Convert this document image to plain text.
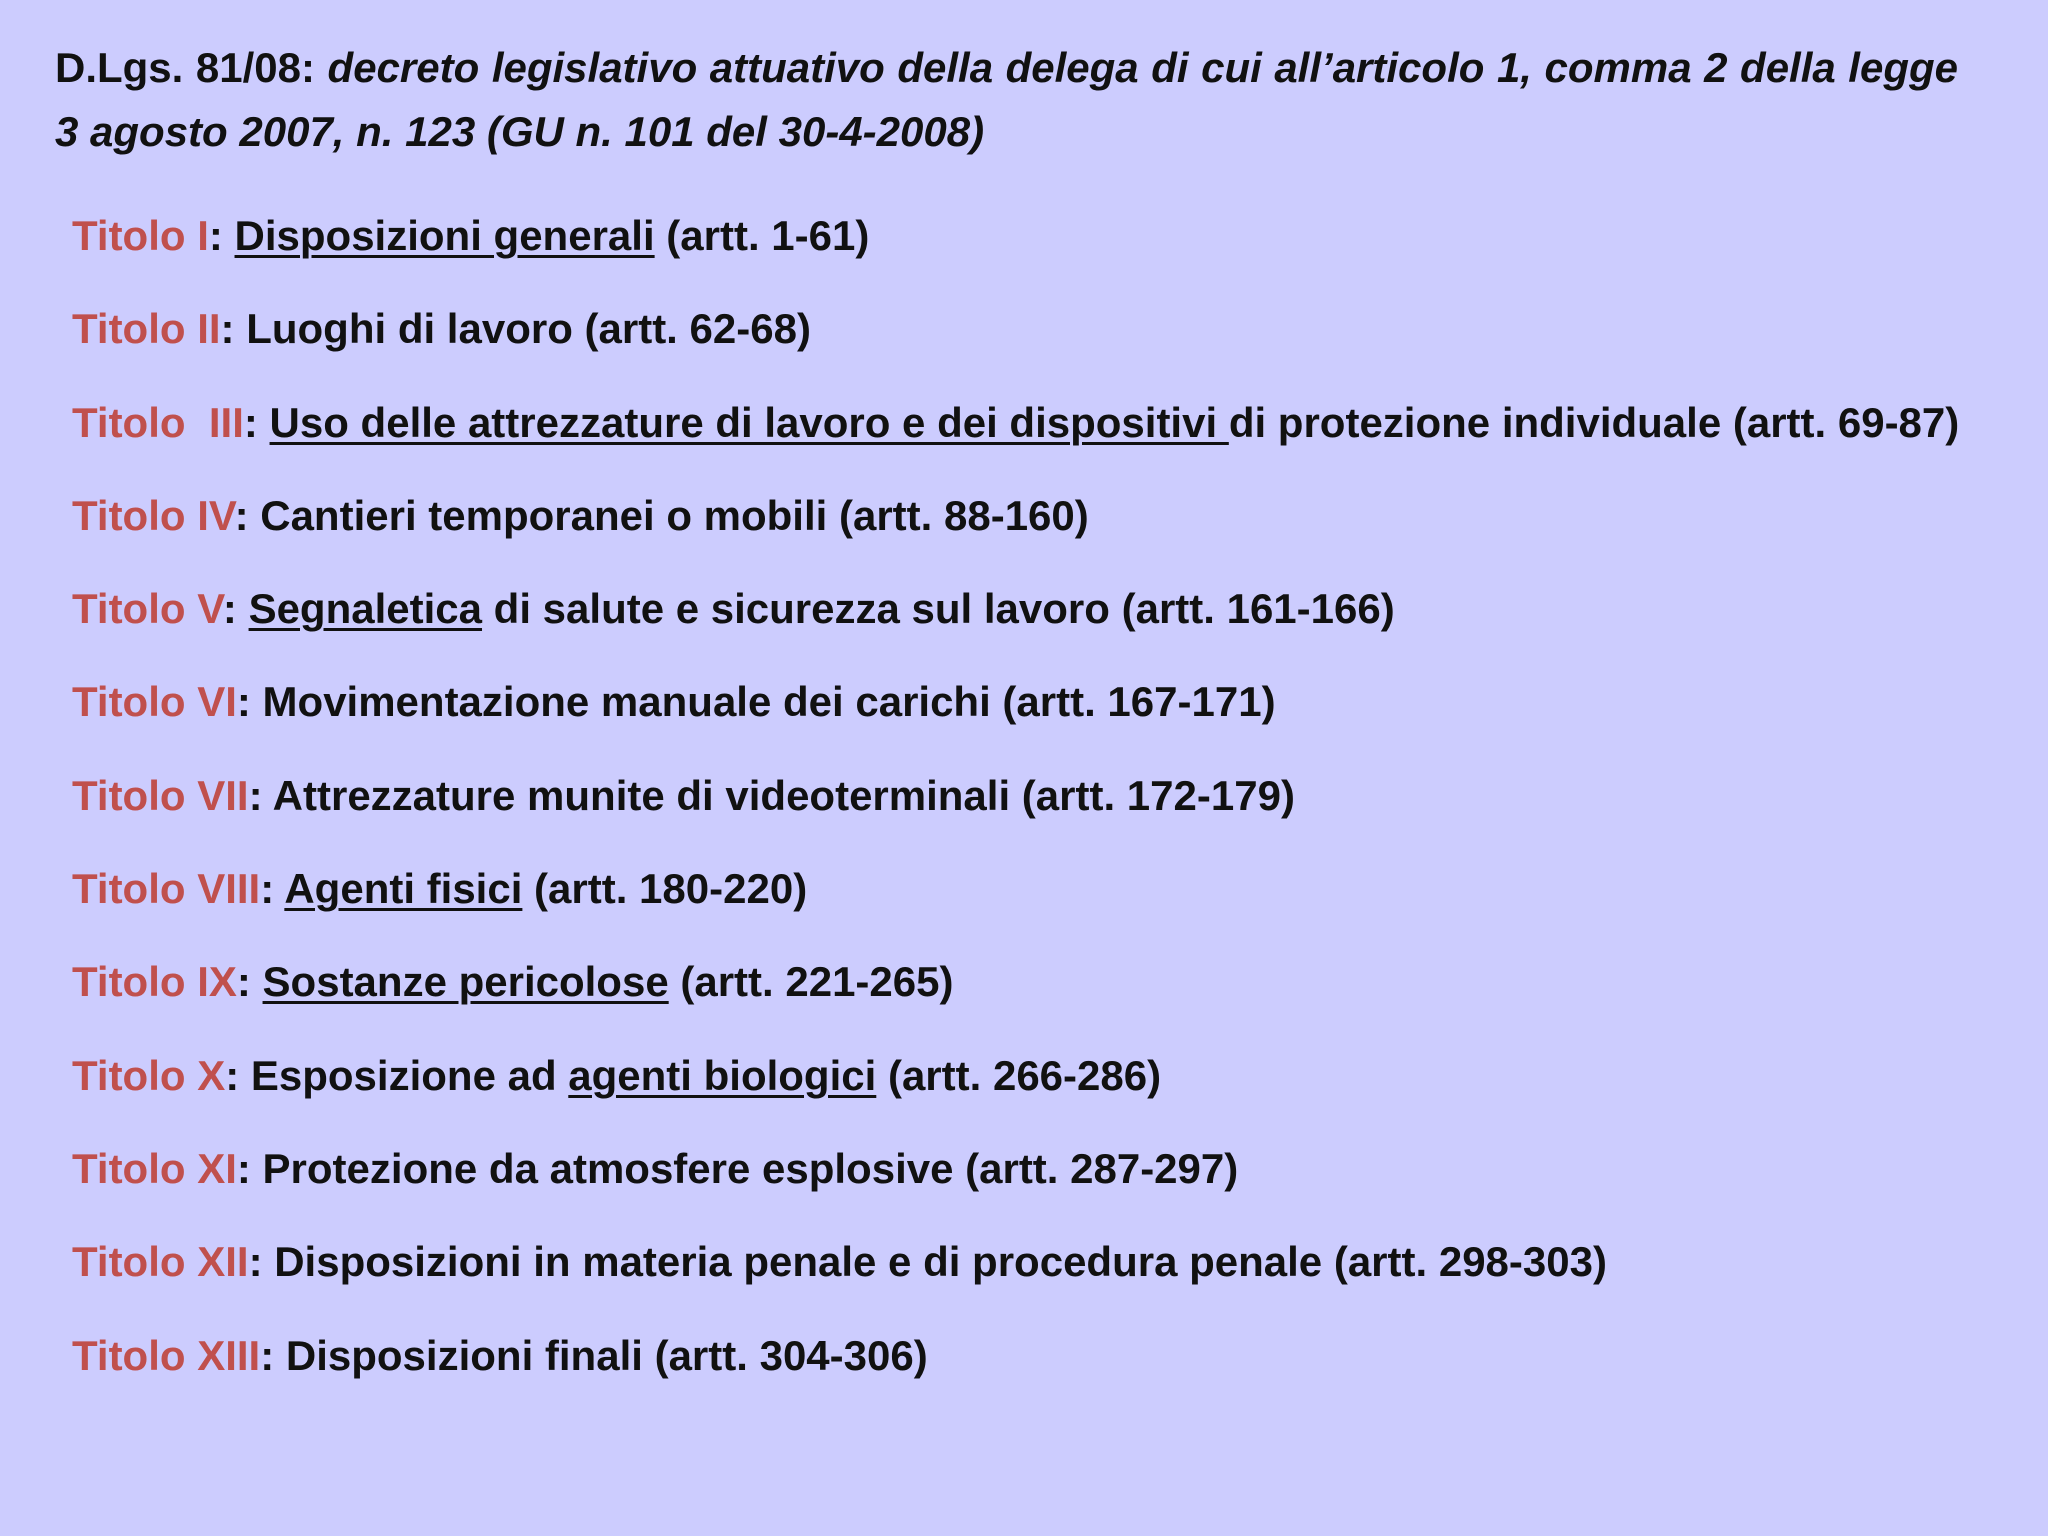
D.Lgs. 81/08: decreto legislativo attuativo della delega di cui all’articolo 1, comma 2 della legge 3 agosto 2007, n. 123 (GU n. 101 del 30-4-2008)
Titolo I: Disposizioni generali (artt. 1-61)
Titolo II: Luoghi di lavoro (artt. 62-68)
Titolo  III: Uso delle attrezzature di lavoro e dei dispositivi di protezione individuale (artt. 69-87)
Titolo IV: Cantieri temporanei o mobili (artt. 88-160)
Titolo V: Segnaletica di salute e sicurezza sul lavoro (artt. 161-166)
Titolo VI: Movimentazione manuale dei carichi (artt. 167-171)
Titolo VII: Attrezzature munite di videoterminali (artt. 172-179)
Titolo VIII: Agenti fisici (artt. 180-220)
Titolo IX: Sostanze pericolose (artt. 221-265)
Titolo X: Esposizione ad agenti biologici (artt. 266-286)
Titolo XI: Protezione da atmosfere esplosive (artt. 287-297)
Titolo XII: Disposizioni in materia penale e di procedura penale (artt. 298-303)
Titolo XIII: Disposizioni finali (artt. 304-306)
